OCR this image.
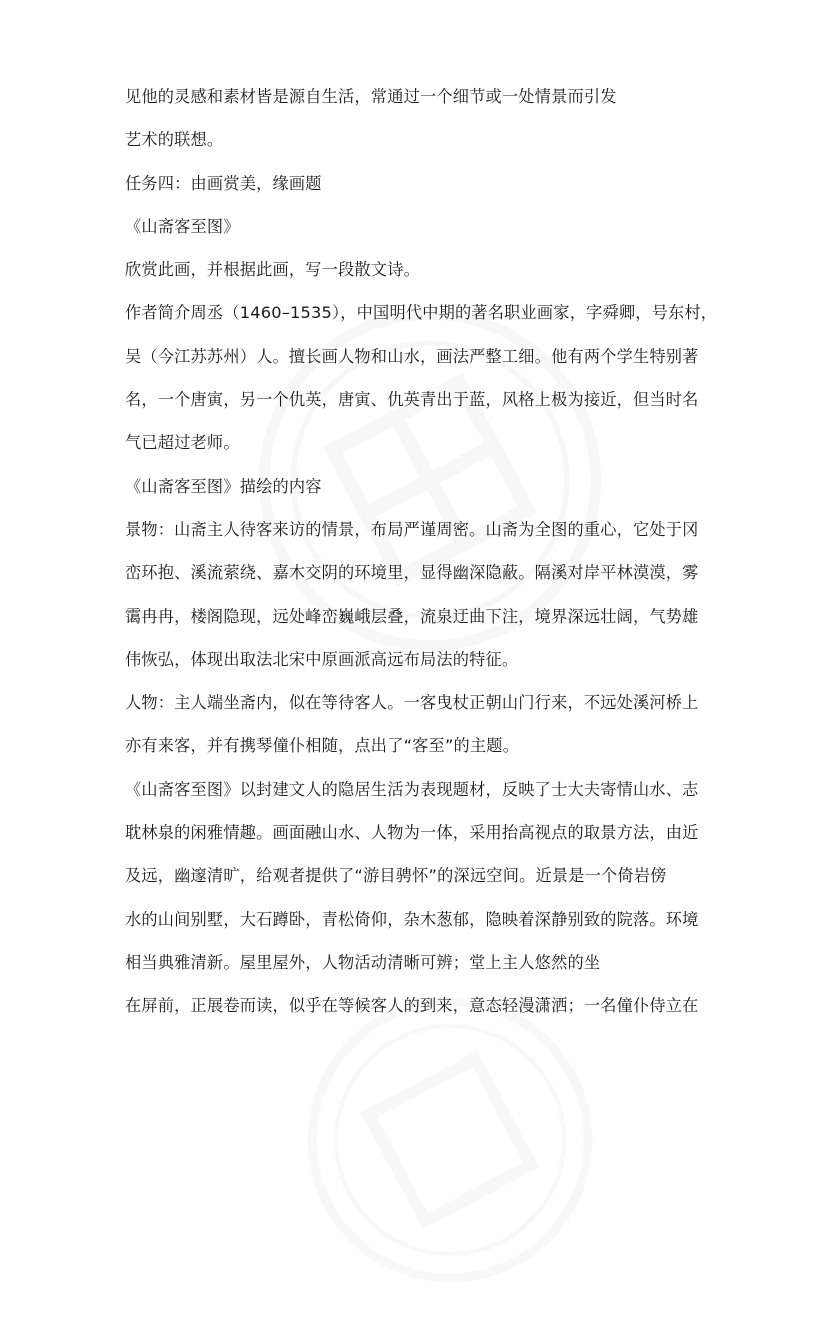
见他的灵感和素材皆是源自生活，常通过一个细节或一处情景而引发
艺术的联想。
任务四：由画赏美，缘画题
《山斋客至图》
欣赏此画，并根据此画，写一段散文诗。
作者简介周丞（1460–1535），中国明代中期的著名职业画家，字舜卿，号东村，
吴（今江苏苏州）人。擅长画人物和山水，画法严整工细。他有两个学生特别著
名，一个唐寅，另一个仇英，唐寅、仇英青出于蓝，风格上极为接近，但当时名
气已超过老师。
《山斋客至图》描绘的内容
景物：山斋主人待客来访的情景，布局严谨周密。山斋为全图的重心，它处于冈
峦环抱、溪流萦绕、嘉木交阴的环境里，显得幽深隐蔽。隔溪对岸平林漠漠，雾
霭冉冉，楼阁隐现，远处峰峦巍峨层叠，流泉迂曲下注，境界深远壮阔，气势雄
伟恢弘，体现出取法北宋中原画派高远布局法的特征。
人物：主人端坐斋内，似在等待客人。一客曳杖正朝山门行来，不远处溪河桥上
亦有来客，并有携琴僮仆相随，点出了“客至”的主题。
《山斋客至图》以封建文人的隐居生活为表现题材，反映了士大夫寄情山水、志
耽林泉的闲雅情趣。画面融山水、人物为一体，采用抬高视点的取景方法，由近
及远，幽邃清旷，给观者提供了“游目骋怀”的深远空间。近景是一个倚岩傍
水的山间别墅，大石蹲卧，青松倚仰，杂木葱郁，隐映着深静别致的院落。环境
相当典雅清新。屋里屋外，人物活动清晰可辨；堂上主人悠然的坐
在屏前，正展卷而读，似乎在等候客人的到来，意态轻漫潇洒；一名僮仆侍立在
